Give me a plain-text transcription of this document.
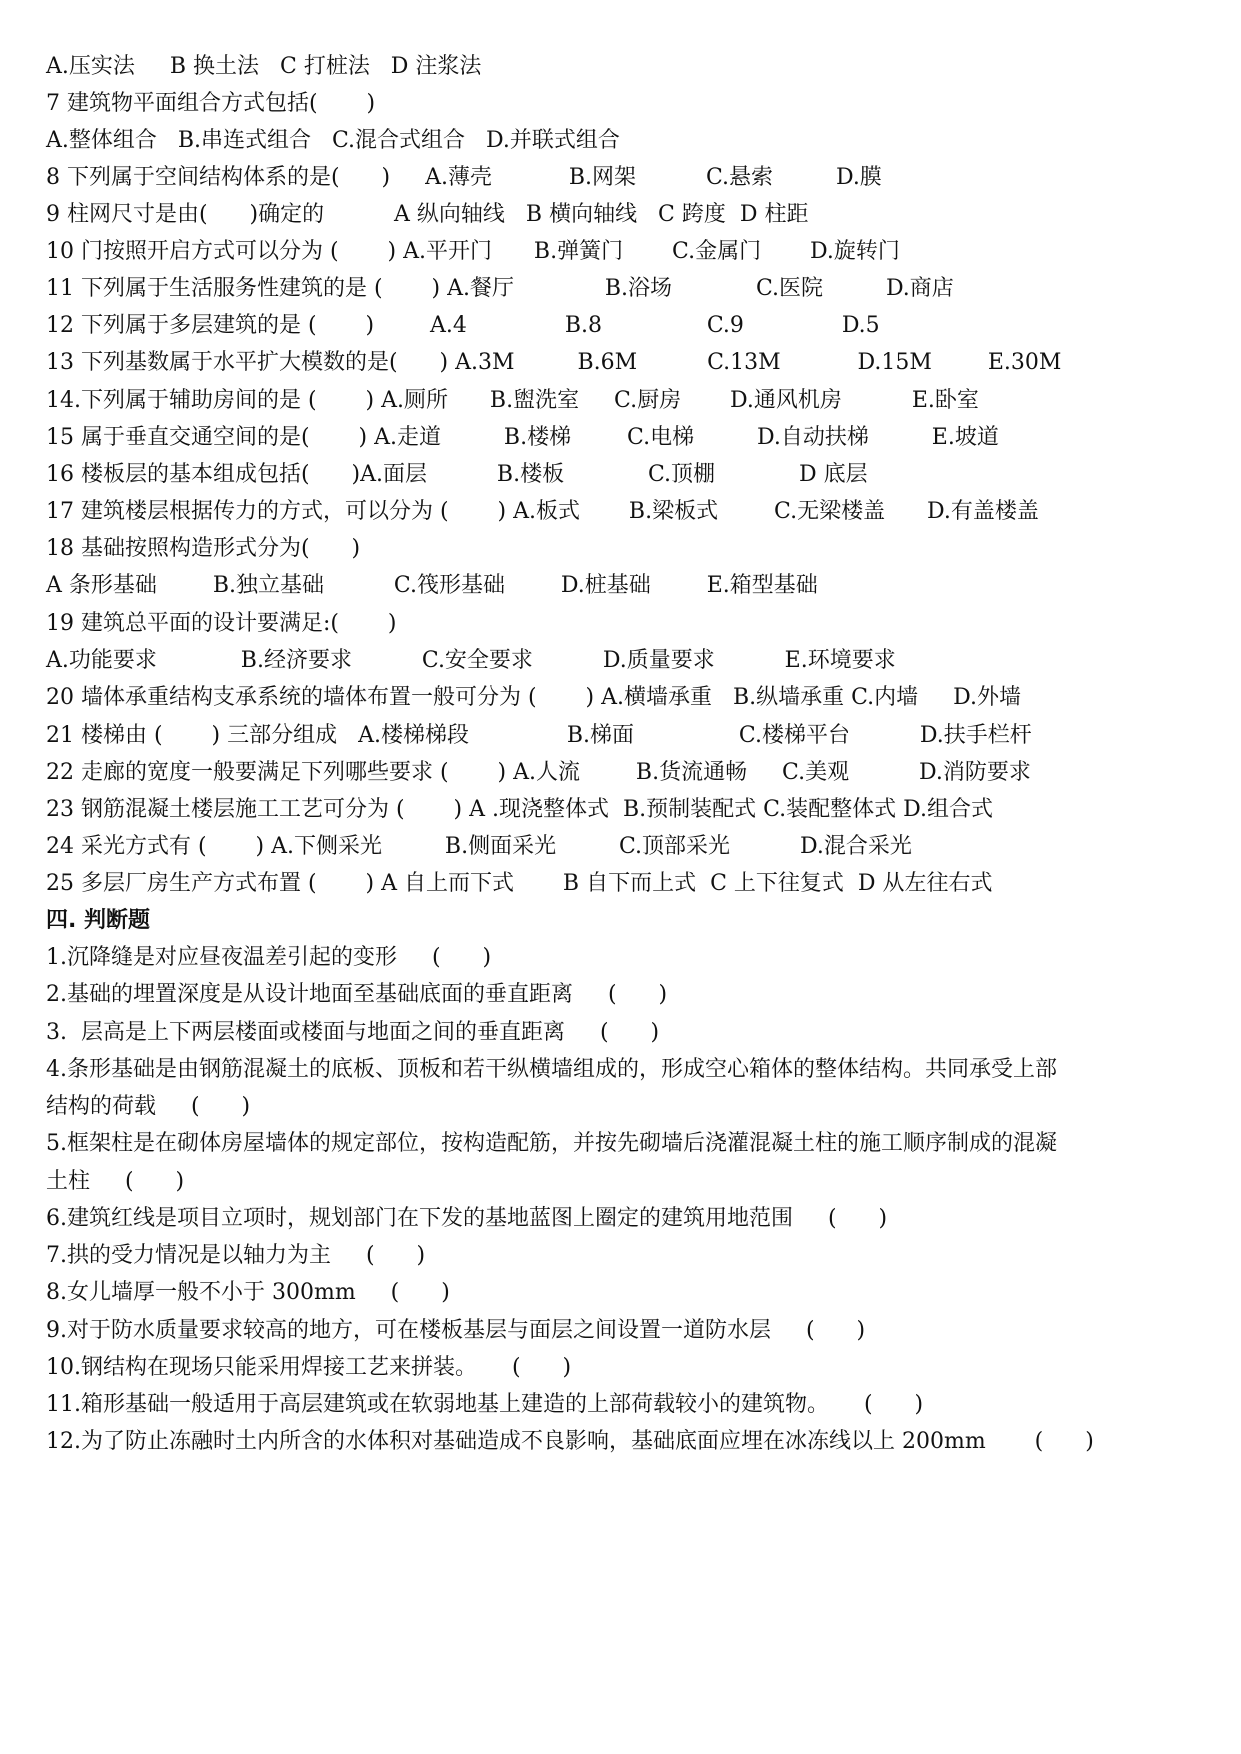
A.压实法     B 换土法   C 打桩法   D 注浆法
7 建筑物平面组合方式包括(       )
A.整体组合   B.串连式组合   C.混合式组合   D.并联式组合
8 下列属于空间结构体系的是(      )     A.薄壳           B.网架          C.悬索         D.膜
9 柱网尺寸是由(      )确定的          A 纵向轴线   B 横向轴线   C 跨度  D 柱距
10 门按照开启方式可以分为 (       ) A.平开门      B.弹簧门       C.金属门       D.旋转门
11 下列属于生活服务性建筑的是 (       ) A.餐厅             B.浴场            C.医院         D.商店
12 下列属于多层建筑的是 (       )        A.4              B.8               C.9              D.5
13 下列基数属于水平扩大模数的是(      ) A.3M         B.6M          C.13M           D.15M        E.30M
14.下列属于辅助房间的是 (       ) A.厕所      B.盥洗室     C.厨房       D.通风机房          E.卧室
15 属于垂直交通空间的是(       ) A.走道         B.楼梯        C.电梯         D.自动扶梯         E.坡道
16 楼板层的基本组成包括(      )A.面层          B.楼板            C.顶棚            D 底层
17 建筑楼层根据传力的方式，可以分为 (       ) A.板式       B.梁板式        C.无梁楼盖      D.有盖楼盖
18 基础按照构造形式分为(      )
A 条形基础        B.独立基础          C.筏形基础        D.桩基础        E.箱型基础
19 建筑总平面的设计要满足:(       )
A.功能要求            B.经济要求          C.安全要求          D.质量要求          E.环境要求
20 墙体承重结构支承系统的墙体布置一般可分为 (       ) A.横墙承重   B.纵墙承重 C.内墙     D.外墙
21 楼梯由 (       ) 三部分组成   A.楼梯梯段              B.梯面               C.楼梯平台          D.扶手栏杆
22 走廊的宽度一般要满足下列哪些要求 (       ) A.人流        B.货流通畅     C.美观          D.消防要求
23 钢筋混凝土楼层施工工艺可分为 (       ) A .现浇整体式  B.预制装配式 C.装配整体式 D.组合式
24 采光方式有 (       ) A.下侧采光         B.侧面采光         C.顶部采光          D.混合采光
25 多层厂房生产方式布置 (       ) A 自上而下式       B 自下而上式  C 上下往复式  D 从左往右式
四. 判断题
1.沉降缝是对应昼夜温差引起的变形     (      )
2.基础的埋置深度是从设计地面至基础底面的垂直距离     (      )
3.  层高是上下两层楼面或楼面与地面之间的垂直距离     (      )
4.条形基础是由钢筋混凝土的底板、顶板和若干纵横墙组成的，形成空心箱体的整体结构。共同承受上部
结构的荷载     (      )
5.框架柱是在砌体房屋墙体的规定部位，按构造配筋，并按先砌墙后浇灌混凝土柱的施工顺序制成的混凝
土柱     (      )
6.建筑红线是项目立项时，规划部门在下发的基地蓝图上圈定的建筑用地范围     (      )
7.拱的受力情况是以轴力为主     (      )
8.女儿墙厚一般不小于 300mm     (      )
9.对于防水质量要求较高的地方，可在楼板基层与面层之间设置一道防水层     (      )
10.钢结构在现场只能采用焊接工艺来拼装。     (      )
11.箱形基础一般适用于高层建筑或在软弱地基上建造的上部荷载较小的建筑物。     (      )
12.为了防止冻融时土内所含的水体积对基础造成不良影响，基础底面应埋在冰冻线以上 200mm       (      )
